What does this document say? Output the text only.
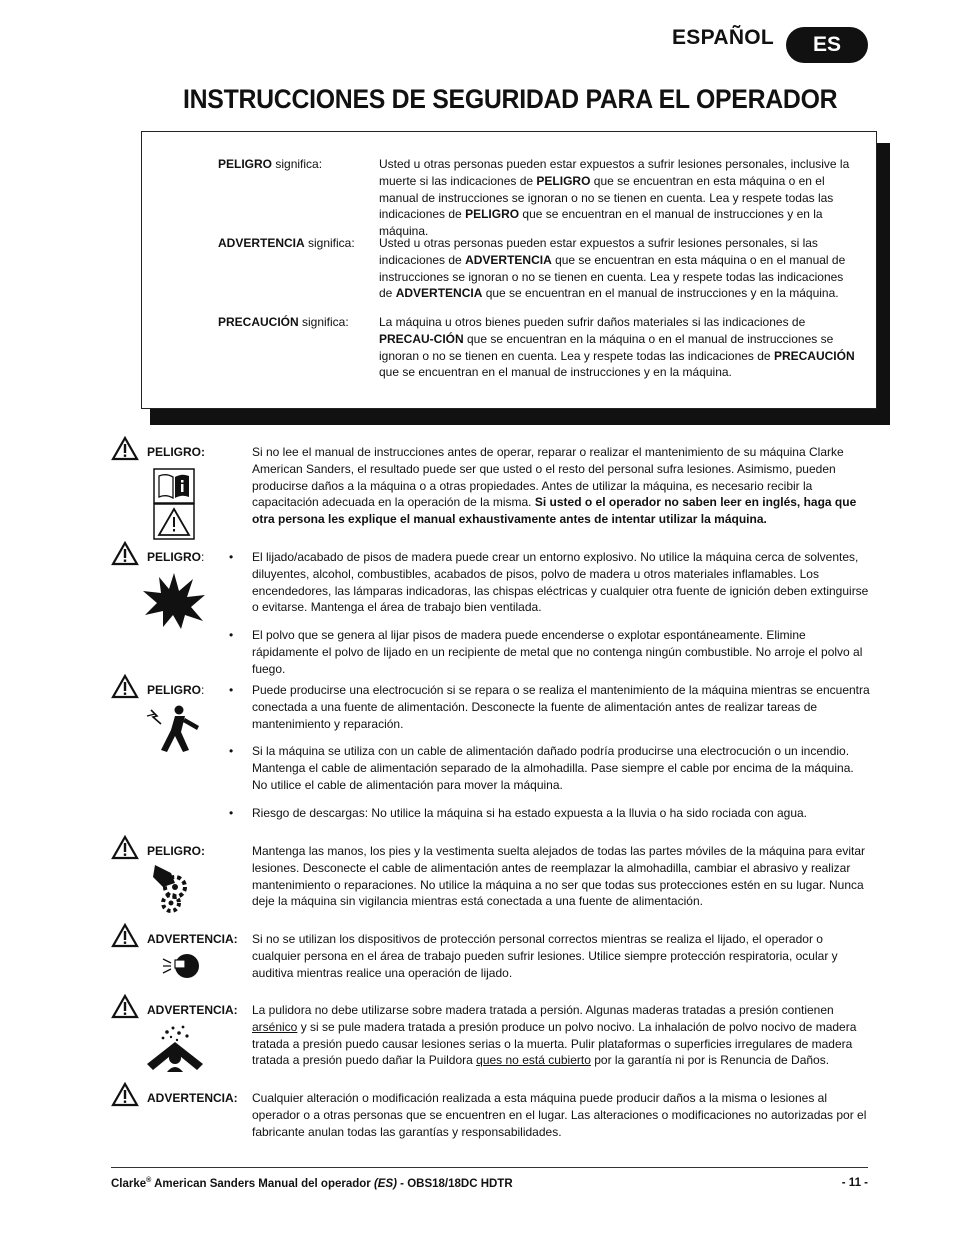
ESPAÑOL	ES
INSTRUCCIONES DE SEGURIDAD PARA EL OPERADOR
PELIGRO significa:	Usted u otras personas pueden estar expuestos a sufrir lesiones personales, inclusive la muerte si las indicaciones de PELIGRO que se encuentran en esta máquina o en el manual de instrucciones se ignoran o no se tienen en cuenta. Lea y respete todas las indicaciones de PELIGRO que se encuentran en el manual de instrucciones y en la máquina.
ADVERTENCIA significa:	Usted u otras personas pueden estar expuestos a sufrir lesiones personales, si las indicaciones de ADVERTENCIA que se encuentran en esta máquina o en el manual de instrucciones se ignoran o no se tienen en cuenta. Lea y respete todas las indicaciones de ADVERTENCIA que se encuentran en el manual de instrucciones y en la máquina.
PRECAUCIÓN significa:	La máquina u otros bienes pueden sufrir daños materiales si las indicaciones de PRECAU-CIÓN que se encuentran en la máquina o en el manual de instrucciones se ignoran o no se tienen en cuenta. Lea y respete todas las indicaciones de PRECAUCIÓN que se encuentran en el manual de instrucciones y en la máquina.
PELIGRO:	Si no lee el manual de instrucciones antes de operar, reparar o realizar el mantenimiento de su máquina Clarke American Sanders, el resultado puede ser que usted o el resto del personal sufra lesiones. Asimismo, pueden producirse daños a la máquina o a otras propiedades. Antes de utilizar la máquina, es necesario recibir la capacitación adecuada en la operación de la misma. Si usted o el operador no saben leer en inglés, haga que otra persona les explique el manual exhaustivamente antes de intentar utilizar la máquina.
PELIGRO: • El lijado/acabado de pisos de madera puede crear un entorno explosivo. No utilice la máquina cerca de solventes, diluyentes, alcohol, combustibles, acabados de pisos, polvo de madera u otros materiales inflamables. Los encendedores, las lámparas indicadoras, las chispas eléctricas y cualquier otra fuente de ignición deben extinguirse o evitarse. Mantenga el área de trabajo bien ventilada.
• El polvo que se genera al lijar pisos de madera puede encenderse o explotar espontáneamente. Elimine rápidamente el polvo de lijado en un recipiente de metal que no contenga ningún combustible. No arroje el polvo al fuego.
PELIGRO: • Puede producirse una electrocución si se repara o se realiza el mantenimiento de la máquina mientras se encuentra conectada a una fuente de alimentación. Desconecte la fuente de alimentación antes de realizar tareas de mantenimiento y reparación.
• Si la máquina se utiliza con un cable de alimentación dañado podría producirse una electrocución o un incendio. Mantenga el cable de alimentación separado de la almohadilla. Pase siempre el cable por encima de la máquina. No utilice el cable de alimentación para mover la máquina.
• Riesgo de descargas: No utilice la máquina si ha estado expuesta a la lluvia o ha sido rociada con agua.
PELIGRO:	Mantenga las manos, los pies y la vestimenta suelta alejados de todas las partes móviles de la máquina para evitar lesiones. Desconecte el cable de alimentación antes de reemplazar la almohadilla, cambiar el abrasivo y realizar mantenimiento o reparaciones. No utilice la máquina a no ser que todas sus protecciones estén en su lugar. Nunca deje la máquina sin vigilancia mientras está conectada a una fuente de alimentación.
ADVERTENCIA: Si no se utilizan los dispositivos de protección personal correctos mientras se realiza el lijado, el operador o cualquier persona en el área de trabajo pueden sufrir lesiones. Utilice siempre protección respiratoria, ocular y auditiva mientras realice una operación de lijado.
ADVERTENCIA: La pulidora no debe utilizarse sobre madera tratada a persión. Algunas maderas tratadas a presión contienen arsénico y si se pule madera tratada a presión produce un polvo nocivo. La inhalación de polvo nocivo de madera tratada a presión puedo causar lesiones serias o la muerta. Pulir plataformas o superficies irregulares de madera tratada a presión puedo dañar la Puildora ques no está cubierto por la garantía ni por is Renuncia de Daños.
ADVERTENCIA: Cualquier alteración o modificación realizada a esta máquina puede producir daños a la misma o lesiones al operador o a otras personas que se encuentren en el lugar. Las alteraciones o modificaciones no autorizadas por el fabricante anulan todas las garantías y responsabilidades.
Clarke® American Sanders Manual del operador (ES) - OBS18/18DC HDTR	- 11 -
